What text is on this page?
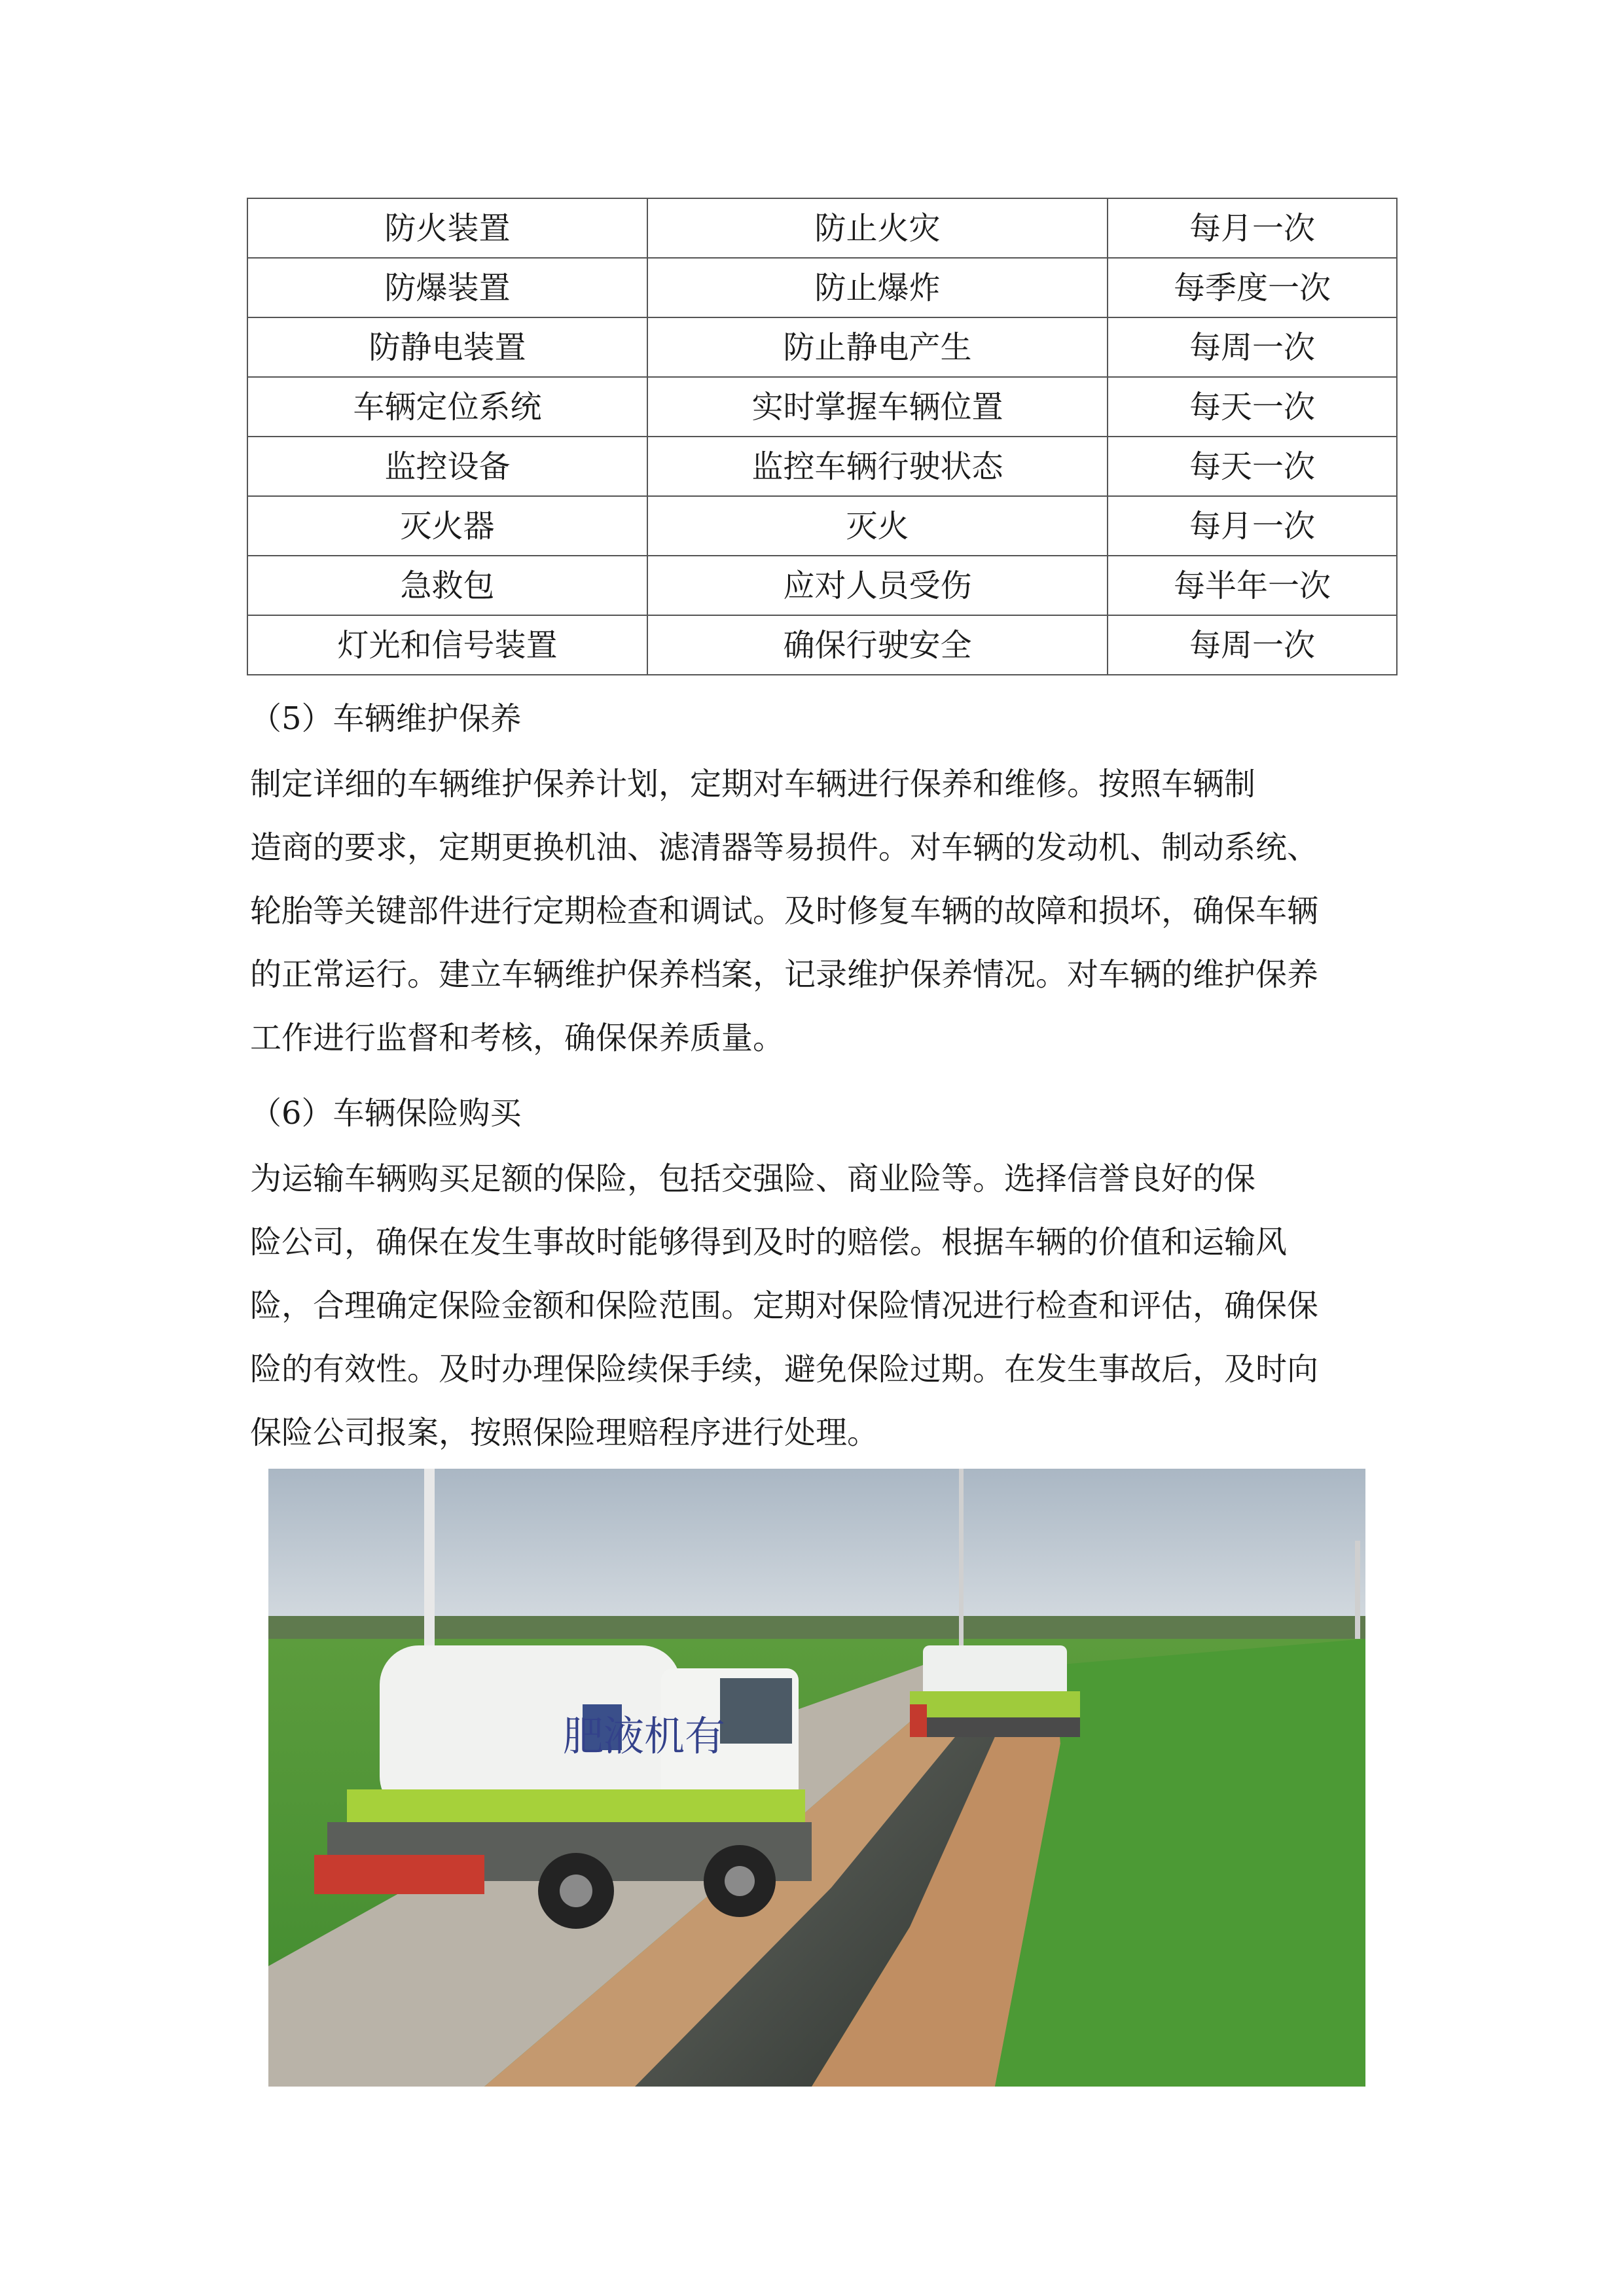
防火装置	防止火灾	每月一次
防爆装置	防止爆炸	每季度一次
防静电装置	防止静电产生	每周一次
车辆定位系统	实时掌握车辆位置	每天一次
监控设备	监控车辆行驶状态	每天一次
灭火器	灭火	每月一次
急救包	应对人员受伤	每半年一次
灯光和信号装置	确保行驶安全	每周一次
（5）车辆维护保养

制定详细的车辆维护保养计划，定期对车辆进行保养和维修。按照车辆制
造商的要求，定期更换机油、滤清器等易损件。对车辆的发动机、制动系统、
轮胎等关键部件进行定期检查和调试。及时修复车辆的故障和损坏，确保车辆
的正常运行。建立车辆维护保养档案，记录维护保养情况。对车辆的维护保养
工作进行监督和考核，确保保养质量。

（6）车辆保险购买

为运输车辆购买足额的保险，包括交强险、商业险等。选择信誉良好的保
险公司，确保在发生事故时能够得到及时的赔偿。根据车辆的价值和运输风
险，合理确定保险金额和保险范围。定期对保险情况进行检查和评估，确保保
险的有效性。及时办理保险续保手续，避免保险过期。在发生事故后，及时向
保险公司报案，按照保险理赔程序进行处理。

肥液机有
